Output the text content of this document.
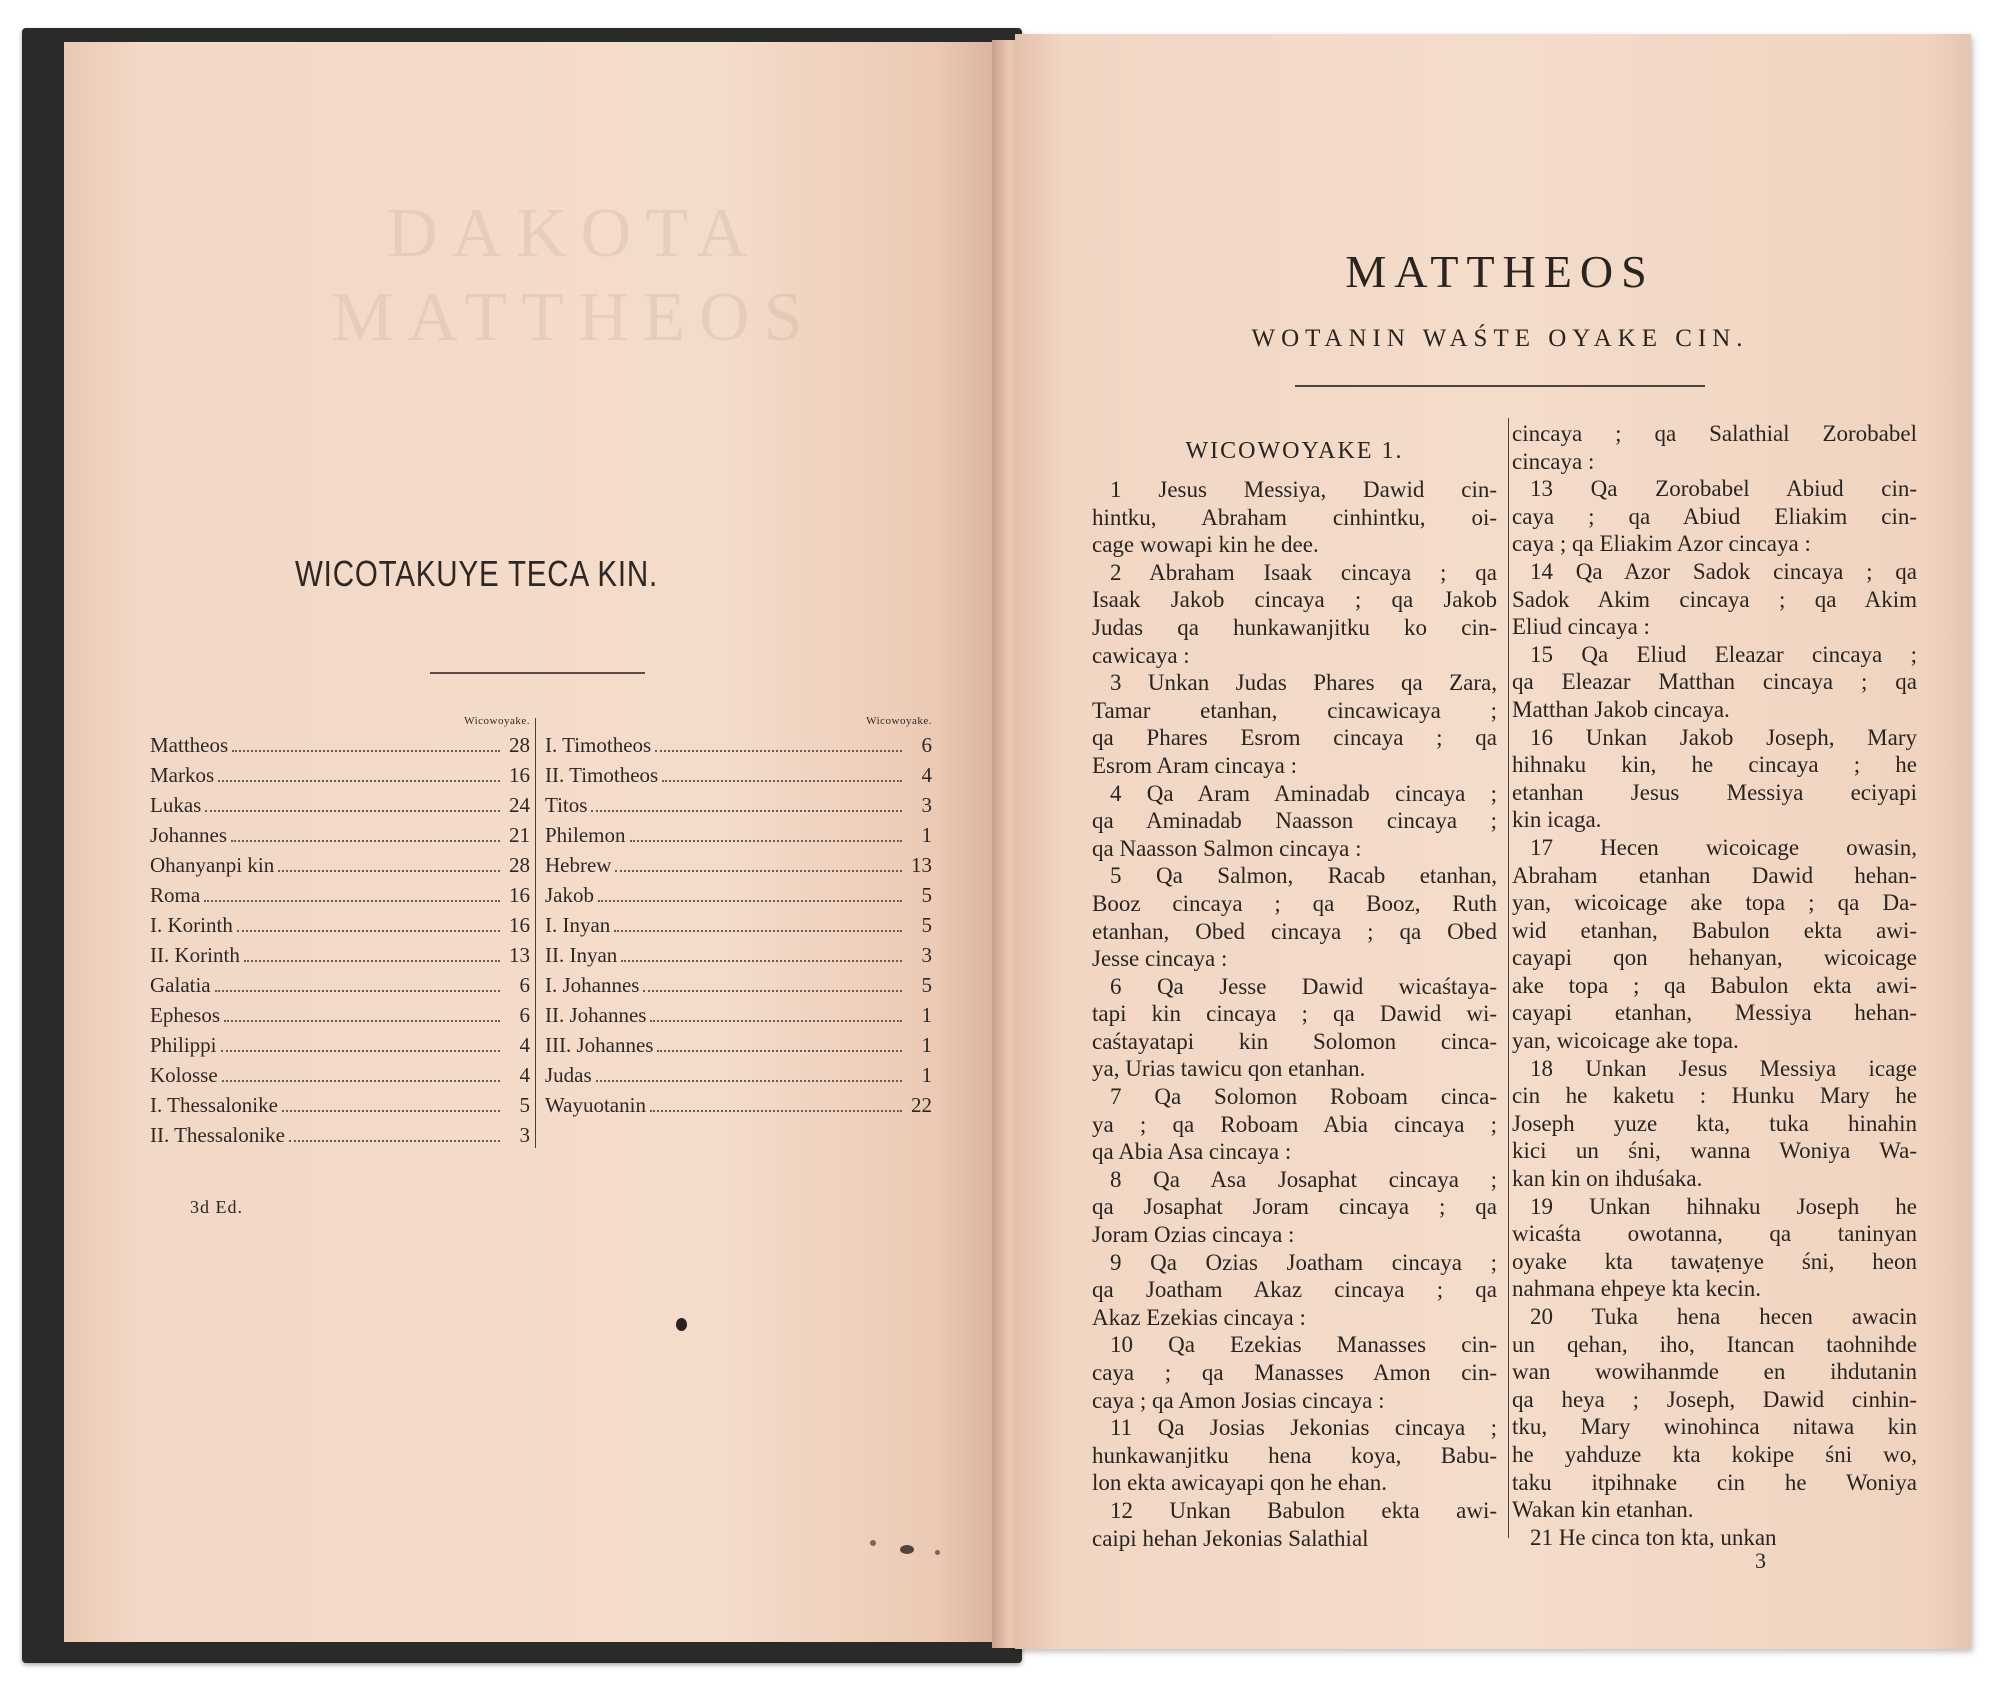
DAKOTA
MATTHEOS
WICOTAKUYE TECA KIN.
Wicowoyake.
Mattheos	28
Markos	16
Lukas	24
Johannes	21
Ohanyanpi kin	28
Roma	16
I. Korinth	16
II. Korinth	13
Galatia	6
Ephesos	6
Philippi	4
Kolosse	4
I. Thessalonike	5
II. Thessalonike	3
Wicowoyake.
I. Timotheos	6
II. Timotheos	4
Titos	3
Philemon	1
Hebrew	13
Jakob	5
I. Inyan	5
II. Inyan	3
I. Johannes	5
II. Johannes	1
III. Johannes	1
Judas	1
Wayuotanin	22
3d Ed.
MATTHEOS
WOTANIN WAŚTE OYAKE CIN.
WICOWOYAKE 1.
1 Jesus Messiya, Dawid cin-
hintku, Abraham cinhintku, oi-
cage wowapi kin he dee.
2 Abraham Isaak cincaya ; qa
Isaak Jakob cincaya ; qa Jakob
Judas qa hunkawanjitku ko cin-
cawicaya :
3 Unkan Judas Phares qa Zara,
Tamar etanhan, cincawicaya ;
qa Phares Esrom cincaya ; qa
Esrom Aram cincaya :
4 Qa Aram Aminadab cincaya ;
qa Aminadab Naasson cincaya ;
qa Naasson Salmon cincaya :
5 Qa Salmon, Racab etanhan,
Booz cincaya ; qa Booz, Ruth
etanhan, Obed cincaya ; qa Obed
Jesse cincaya :
6 Qa Jesse Dawid wicaśtaya-
tapi kin cincaya ; qa Dawid wi-
caśtayatapi kin Solomon cinca-
ya, Urias tawicu qon etanhan.
7 Qa Solomon Roboam cinca-
ya ; qa Roboam Abia cincaya ;
qa Abia Asa cincaya :
8 Qa Asa Josaphat cincaya ;
qa Josaphat Joram cincaya ; qa
Joram Ozias cincaya :
9 Qa Ozias Joatham cincaya ;
qa Joatham Akaz cincaya ; qa
Akaz Ezekias cincaya :
10 Qa Ezekias Manasses cin-
caya ; qa Manasses Amon cin-
caya ; qa Amon Josias cincaya :
11 Qa Josias Jekonias cincaya ;
hunkawanjitku hena koya, Babu-
lon ekta awicayapi qon he ehan.
12 Unkan Babulon ekta awi-
caipi hehan Jekonias Salathial
cincaya ; qa Salathial Zorobabel
cincaya :
13 Qa Zorobabel Abiud cin-
caya ; qa Abiud Eliakim cin-
caya ; qa Eliakim Azor cincaya :
14 Qa Azor Sadok cincaya ; qa
Sadok Akim cincaya ; qa Akim
Eliud cincaya :
15 Qa Eliud Eleazar cincaya ;
qa Eleazar Matthan cincaya ; qa
Matthan Jakob cincaya.
16 Unkan Jakob Joseph, Mary
hihnaku kin, he cincaya ; he
etanhan Jesus Messiya eciyapi
kin icaga.
17 Hecen wicoicage owasin,
Abraham etanhan Dawid hehan-
yan, wicoicage ake topa ; qa Da-
wid etanhan, Babulon ekta awi-
cayapi qon hehanyan, wicoicage
ake topa ; qa Babulon ekta awi-
cayapi etanhan, Messiya hehan-
yan, wicoicage ake topa.
18 Unkan Jesus Messiya icage
cin he kaketu : Hunku Mary he
Joseph yuze kta, tuka hinahin
kici un śni, wanna Woniya Wa-
kan kin on ihduśaka.
19 Unkan hihnaku Joseph he
wicaśta owotanna, qa taninyan
oyake kta tawaṭenye śni, heon
nahmana ehpeye kta kecin.
20 Tuka hena hecen awacin
un qehan, iho, Itancan taohnihde
wan wowihanmde en ihdutanin
qa heya ; Joseph, Dawid cinhin-
tku, Mary winohinca nitawa kin
he yahduze kta kokipe śni wo,
taku itpihnake cin he Woniya
Wakan kin etanhan.
21 He cinca ton kta, unkan
3
